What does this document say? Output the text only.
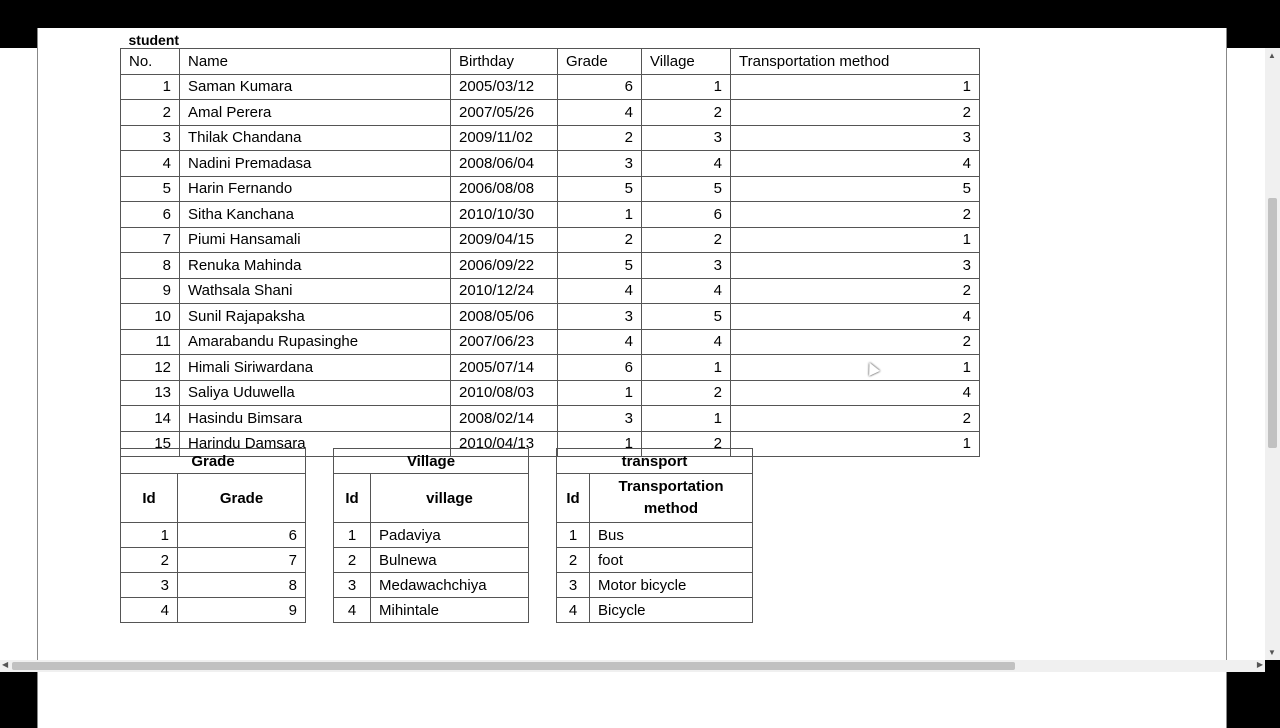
student					
No.	Name	Birthday	Grade	Village	Transportation method
1	Saman Kumara	2005/03/12	6	1	1
2	Amal Perera	2007/05/26	4	2	2
3	Thilak Chandana	2009/11/02	2	3	3
4	Nadini Premadasa	2008/06/04	3	4	4
5	Harin Fernando	2006/08/08	5	5	5
6	Sitha Kanchana	2010/10/30	1	6	2
7	Piumi Hansamali	2009/04/15	2	2	1
8	Renuka Mahinda	2006/09/22	5	3	3
9	Wathsala Shani	2010/12/24	4	4	2
10	Sunil Rajapaksha	2008/05/06	3	5	4
11	Amarabandu Rupasinghe	2007/06/23	4	4	2
12	Himali Siriwardana	2005/07/14	6	1	1
13	Saliya Uduwella	2010/08/03	1	2	4
14	Hasindu Bimsara	2008/02/14	3	1	2
15	Harindu Damsara	2010/04/13	1	2	1
Grade	
Id	Grade
1	6
2	7
3	8
4	9
Village	
Id	village
1	Padaviya
2	Bulnewa
3	Medawachchiya
4	Mihintale
transport	
Id	Transportation method
1	Bus
2	foot
3	Motor bicycle
4	Bicycle
▲
▼
◀	▶
